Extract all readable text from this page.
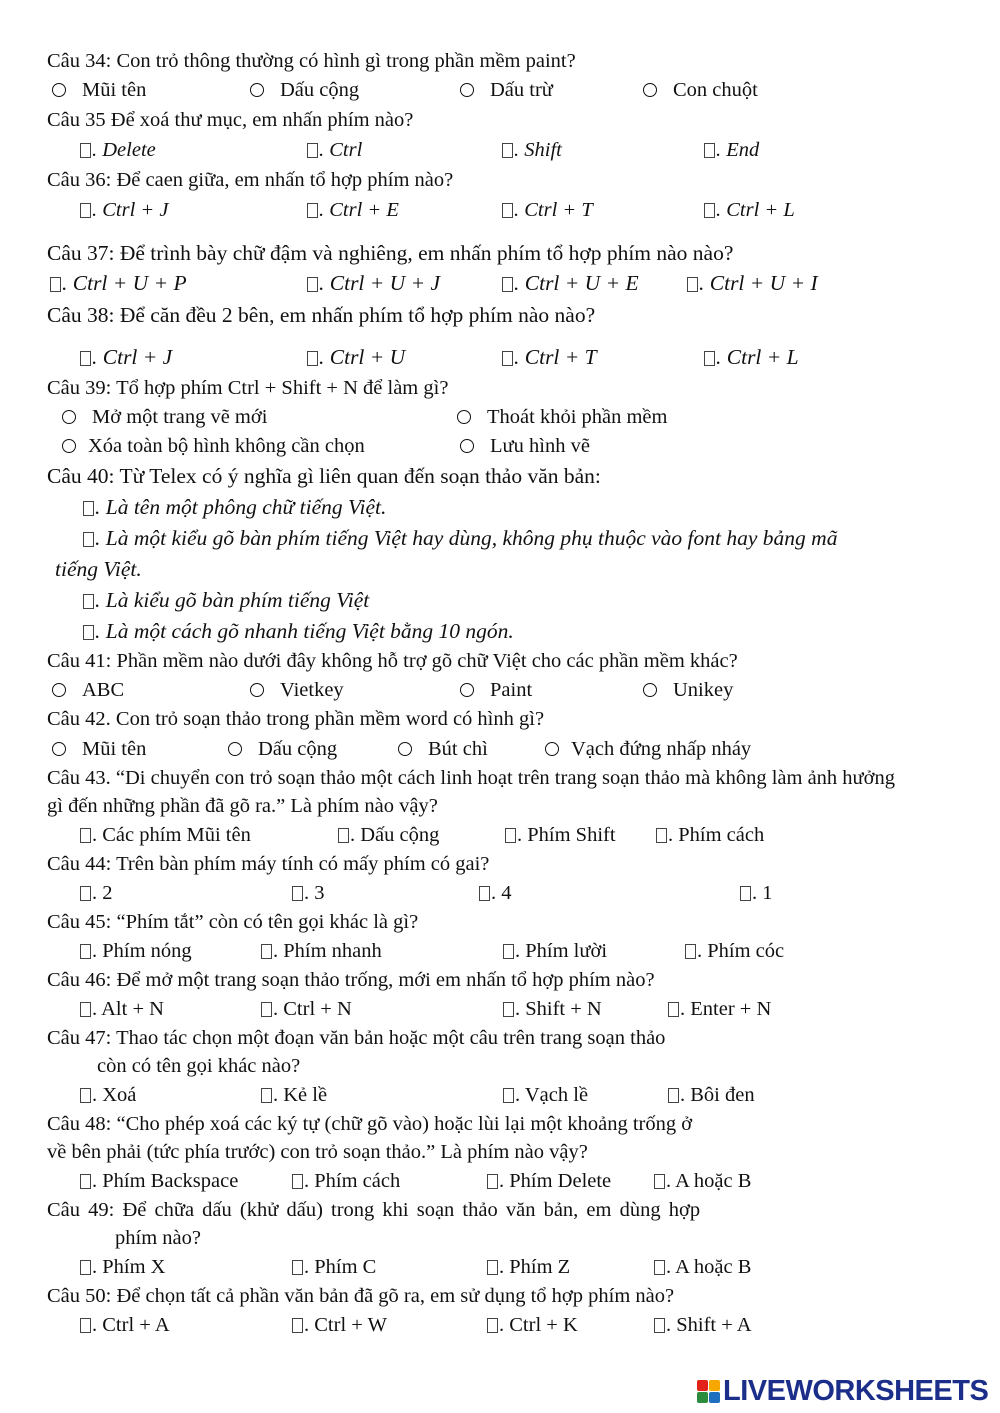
Câu 34: Con trỏ thông thường có hình gì trong phần mềm paint?
Mũi tên	Dấu cộng	Dấu trừ	Con chuột
Câu 35 Để xoá thư mục, em nhấn phím nào?
. Delete	. Ctrl	. Shift	. End
Câu 36: Để caen giữa, em nhấn tổ hợp phím nào?
. Ctrl + J	. Ctrl + E	. Ctrl + T	. Ctrl + L
Câu 37: Để trình bày chữ đậm và nghiêng, em nhấn phím tổ hợp phím nào nào?
. Ctrl + U + P	. Ctrl + U + J	. Ctrl + U + E	. Ctrl + U + I
Câu 38: Để căn đều 2 bên, em nhấn phím tổ hợp phím nào nào?
. Ctrl + J	. Ctrl + U	. Ctrl + T	. Ctrl + L
Câu 39: Tổ hợp phím Ctrl + Shift + N để làm gì?
Mở một trang vẽ mới	Thoát khỏi phần mềm
Xóa toàn bộ hình không cần chọn	Lưu hình vẽ
Câu 40: Từ Telex có ý nghĩa gì liên quan đến soạn thảo văn bản:
. Là tên một phông chữ tiếng Việt.
. Là một kiểu gõ bàn phím tiếng Việt hay dùng, không phụ thuộc vào font hay bảng mã
tiếng Việt.
. Là kiểu gõ bàn phím tiếng Việt
. Là một cách gõ nhanh tiếng Việt bằng 10 ngón.
Câu 41: Phần mềm nào dưới đây không hỗ trợ gõ chữ Việt cho các phần mềm khác?
ABC	Vietkey	Paint	Unikey
Câu 42. Con trỏ soạn thảo trong phần mềm word có hình gì?
Mũi tên	Dấu cộng	Bút chì	Vạch đứng nhấp nháy
Câu 43. “Di chuyển con trỏ soạn thảo một cách linh hoạt trên trang soạn thảo mà không làm ảnh hưởng
gì đến những phần đã gõ ra.” Là phím nào vậy?
. Các phím Mũi tên	. Dấu cộng	. Phím Shift	. Phím cách
Câu 44: Trên bàn phím máy tính có mấy phím có gai?
. 2	. 3	. 4	. 1
Câu 45: “Phím tắt” còn có tên gọi khác là gì?
. Phím nóng	. Phím nhanh	. Phím lười	. Phím cóc
Câu 46: Để mở một trang soạn thảo trống, mới em nhấn tổ hợp phím nào?
. Alt + N	. Ctrl + N	. Shift + N	. Enter + N
Câu 47: Thao tác chọn một đoạn văn bản hoặc một câu trên trang soạn thảo
còn có tên gọi khác nào?
. Xoá	. Kẻ lề	. Vạch lề	. Bôi đen
Câu 48: “Cho phép xoá các ký tự (chữ gõ vào) hoặc lùi lại một khoảng trống ở
về bên phải (tức phía trước) con trỏ soạn thảo.” Là phím nào vậy?
. Phím Backspace	. Phím cách	. Phím Delete	. A hoặc B
Câu 49: Để chữa dấu (khử dấu) trong khi soạn thảo văn bản, em dùng hợp
phím nào?
. Phím X	. Phím C	. Phím Z	. A hoặc B
Câu 50: Để chọn tất cả phần văn bản đã gõ ra, em sử dụng tổ hợp phím nào?
. Ctrl + A	. Ctrl + W	. Ctrl + K	. Shift + A
LIVEWORKSHEETS
